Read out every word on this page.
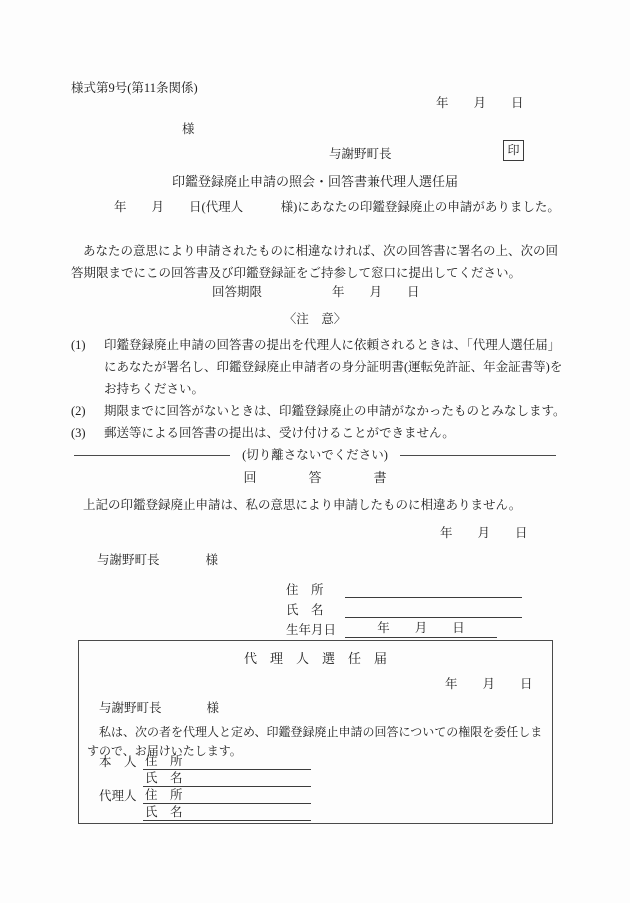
様式第9号(第11条関係)
年　　月　　日
様
与謝野町長	印
印鑑登録廃止申請の照会・回答書兼代理人選任届
年　　月　　日(代理人　　　様)にあなたの印鑑登録廃止の申請がありました。
あなたの意思により申請されたものに相違なければ、次の回答書に署名の上、次の回答期限までにこの回答書及び印鑑登録証をご持参して窓口に提出してください。
回答期限	年　　月　　日
〈注　意〉
(1) 印鑑登録廃止申請の回答書の提出を代理人に依頼されるときは、「代理人選任届」にあなたが署名し、印鑑登録廃止申請者の身分証明書(運転免許証、年金証書等)をお持ちください。
(2) 期限までに回答がないときは、印鑑登録廃止の申請がなかったものとみなします。
(3) 郵送等による回答書の提出は、受け付けることができません。
(切り離さないでください)
回　　　　答　　　　書
上記の印鑑登録廃止申請は、私の意思により申請したものに相違ありません。
年　　月　　日
与謝野町長	様
住　所
氏　名
生年月日	年　　月　　日
代　理　人　選　任　届
年　　月　　日
与謝野町長	様
私は、次の者を代理人と定め、印鑑登録廃止申請の回答についての権限を委任しますので、お届けいたします。
本　人 住　所
氏　名
代理人 住　所
氏　名
